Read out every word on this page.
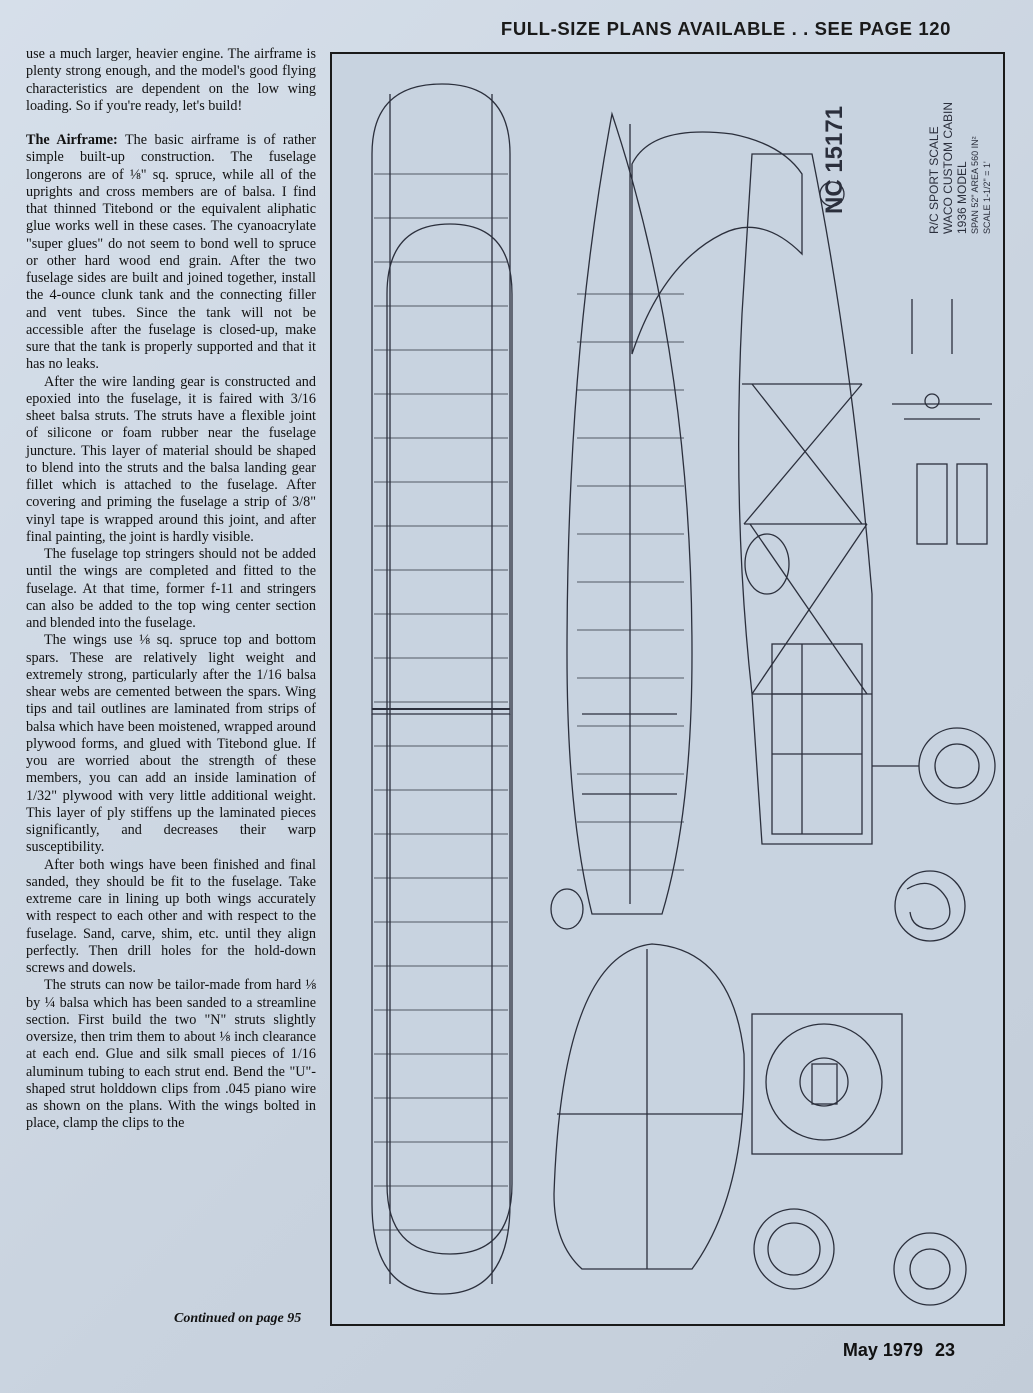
FULL-SIZE PLANS AVAILABLE . . SEE PAGE 120

use a much larger, heavier engine. The airframe is plenty strong enough, and the model's good flying characteristics are dependent on the low wing loading. So if you're ready, let's build!

The Airframe: The basic airframe is of rather simple built-up construction. The fuselage longerons are of ⅛" sq. spruce, while all of the uprights and cross members are of balsa. I find that thinned Titebond or the equivalent aliphatic glue works well in these cases. The cyanoacrylate "super glues" do not seem to bond well to spruce or other hard wood end grain. After the two fuselage sides are built and joined together, install the 4-ounce clunk tank and the connecting filler and vent tubes. Since the tank will not be accessible after the fuselage is closed-up, make sure that the tank is properly supported and that it has no leaks.

After the wire landing gear is constructed and epoxied into the fuselage, it is faired with 3/16 sheet balsa struts. The struts have a flexible joint of silicone or foam rubber near the fuselage juncture. This layer of material should be shaped to blend into the struts and the balsa landing gear fillet which is attached to the fuselage. After covering and priming the fuselage a strip of 3/8" vinyl tape is wrapped around this joint, and after final painting, the joint is hardly visible.

The fuselage top stringers should not be added until the wings are completed and fitted to the fuselage. At that time, former f-11 and stringers can also be added to the top wing center section and blended into the fuselage.

The wings use ⅛ sq. spruce top and bottom spars. These are relatively light weight and extremely strong, particularly after the 1/16 balsa shear webs are cemented between the spars. Wing tips and tail outlines are laminated from strips of balsa which have been moistened, wrapped around plywood forms, and glued with Titebond glue. If you are worried about the strength of these members, you can add an inside lamination of 1/32" plywood with very little additional weight. This layer of ply stiffens up the laminated pieces significantly, and decreases their warp susceptibility.

After both wings have been finished and final sanded, they should be fit to the fuselage. Take extreme care in lining up both wings accurately with respect to each other and with respect to the fuselage. Sand, carve, shim, etc. until they align perfectly. Then drill holes for the hold-down screws and dowels.

The struts can now be tailor-made from hard ⅛ by ¼ balsa which has been sanded to a streamline section. First build the two "N" struts slightly oversize, then trim them to about ⅛ inch clearance at each end. Glue and silk small pieces of 1/16 aluminum tubing to each strut end. Bend the "U"-shaped strut holddown clips from .045 piano wire as shown on the plans. With the wings bolted in place, clamp the clips to the

Continued on page 95
NC 15171	R/C SPORT SCALE WACO CUSTOM CABIN 1936 MODEL SPAN 52" AREA 560 IN² SCALE 1-1/2" = 1'
May 1979 23
